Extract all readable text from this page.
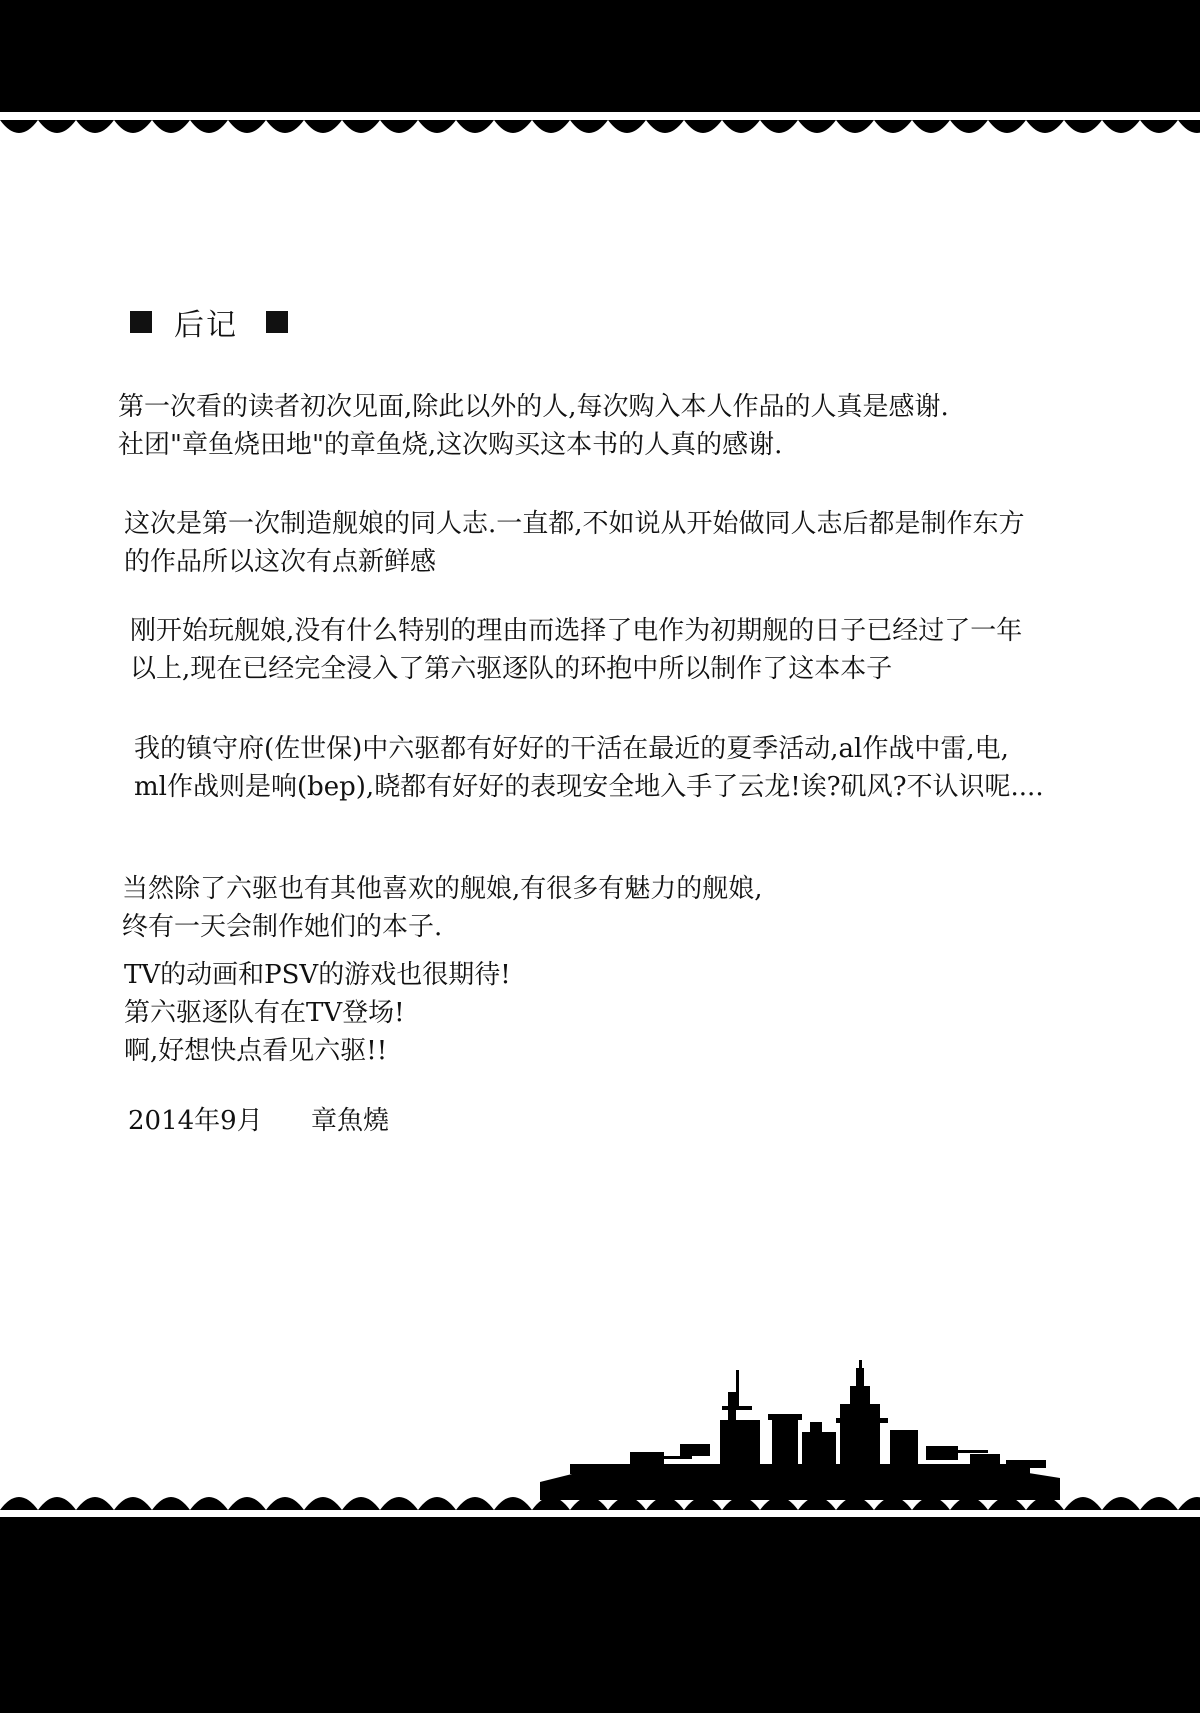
后记

第一次看的读者初次见面,除此以外的人,每次购入本人作品的人真是感谢.
社团"章鱼烧田地"的章鱼烧,这次购买这本书的人真的感谢.

这次是第一次制造舰娘的同人志.一直都,不如说从开始做同人志后都是制作东方
的作品所以这次有点新鲜感

刚开始玩舰娘,没有什么特别的理由而选择了电作为初期舰的日子已经过了一年
以上,现在已经完全浸入了第六驱逐队的环抱中所以制作了这本本子

我的镇守府(佐世保)中六驱都有好好的干活在最近的夏季活动,al作战中雷,电,
ml作战则是响(bep),晓都有好好的表现安全地入手了云龙!诶?矶风?不认识呢....

当然除了六驱也有其他喜欢的舰娘,有很多有魅力的舰娘,
终有一天会制作她们的本子.

TV的动画和PSV的游戏也很期待!
第六驱逐队有在TV登场!
啊,好想快点看见六驱!!

2014年9月 章魚燒
